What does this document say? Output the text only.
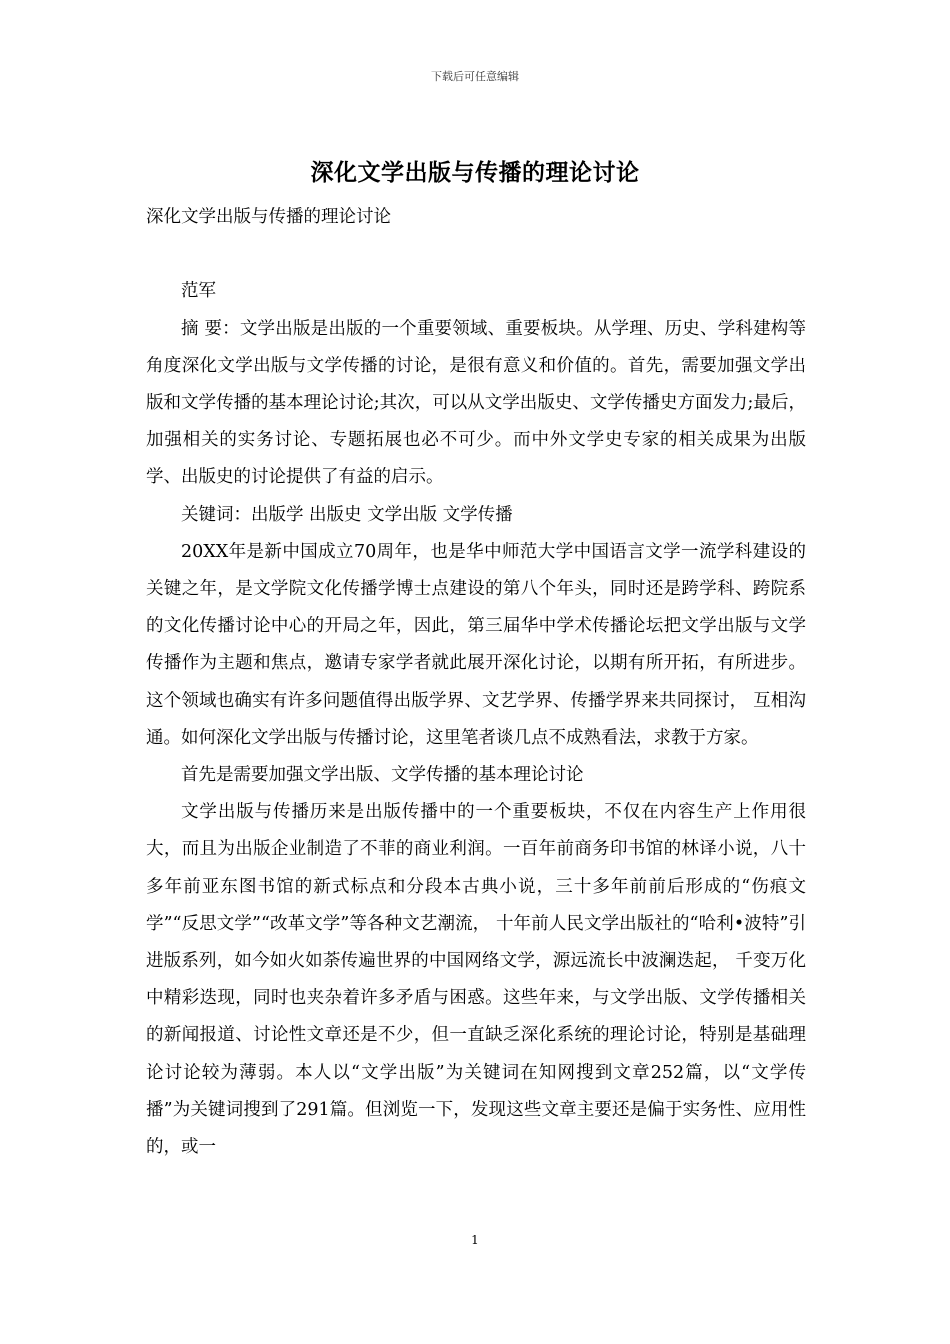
下载后可任意编辑
深化文学出版与传播的理论讨论

深化文学出版与传播的理论讨论

范军

摘 要：文学出版是出版的一个重要领域、重要板块。从学理、历史、学科建构等角度深化文学出版与文学传播的讨论，是很有意义和价值的。首先，需要加强文学出版和文学传播的基本理论讨论;其次，可以从文学出版史、文学传播史方面发力;最后，加强相关的实务讨论、专题拓展也必不可少。而中外文学史专家的相关成果为出版学、出版史的讨论提供了有益的启示。

关键词：出版学 出版史 文学出版 文学传播

20XX年是新中国成立70周年，也是华中师范大学中国语言文学一流学科建设的关键之年，是文学院文化传播学博士点建设的第八个年头，同时还是跨学科、跨院系的文化传播讨论中心的开局之年，因此，第三届华中学术传播论坛把文学出版与文学传播作为主题和焦点，邀请专家学者就此展开深化讨论，以期有所开拓，有所进步。这个领域也确实有许多问题值得出版学界、文艺学界、传播学界来共同探讨， 互相沟通。如何深化文学出版与传播讨论，这里笔者谈几点不成熟看法，求教于方家。

首先是需要加强文学出版、文学传播的基本理论讨论

文学出版与传播历来是出版传播中的一个重要板块，不仅在内容生产上作用很大，而且为出版企业制造了不菲的商业利润。一百年前商务印书馆的林译小说，八十多年前亚东图书馆的新式标点和分段本古典小说，三十多年前前后形成的“伤痕文学”“反思文学”“改革文学”等各种文艺潮流， 十年前人民文学出版社的“哈利•波特”引进版系列，如今如火如荼传遍世界的中国网络文学，源远流长中波澜迭起， 千变万化中精彩迭现，同时也夹杂着许多矛盾与困惑。这些年来，与文学出版、文学传播相关的新闻报道、讨论性文章还是不少，但一直缺乏深化系统的理论讨论，特别是基础理论讨论较为薄弱。本人以“文学出版”为关键词在知网搜到文章252篇，以“文学传播”为关键词搜到了291篇。但浏览一下，发现这些文章主要还是偏于实务性、应用性的，或一

1
